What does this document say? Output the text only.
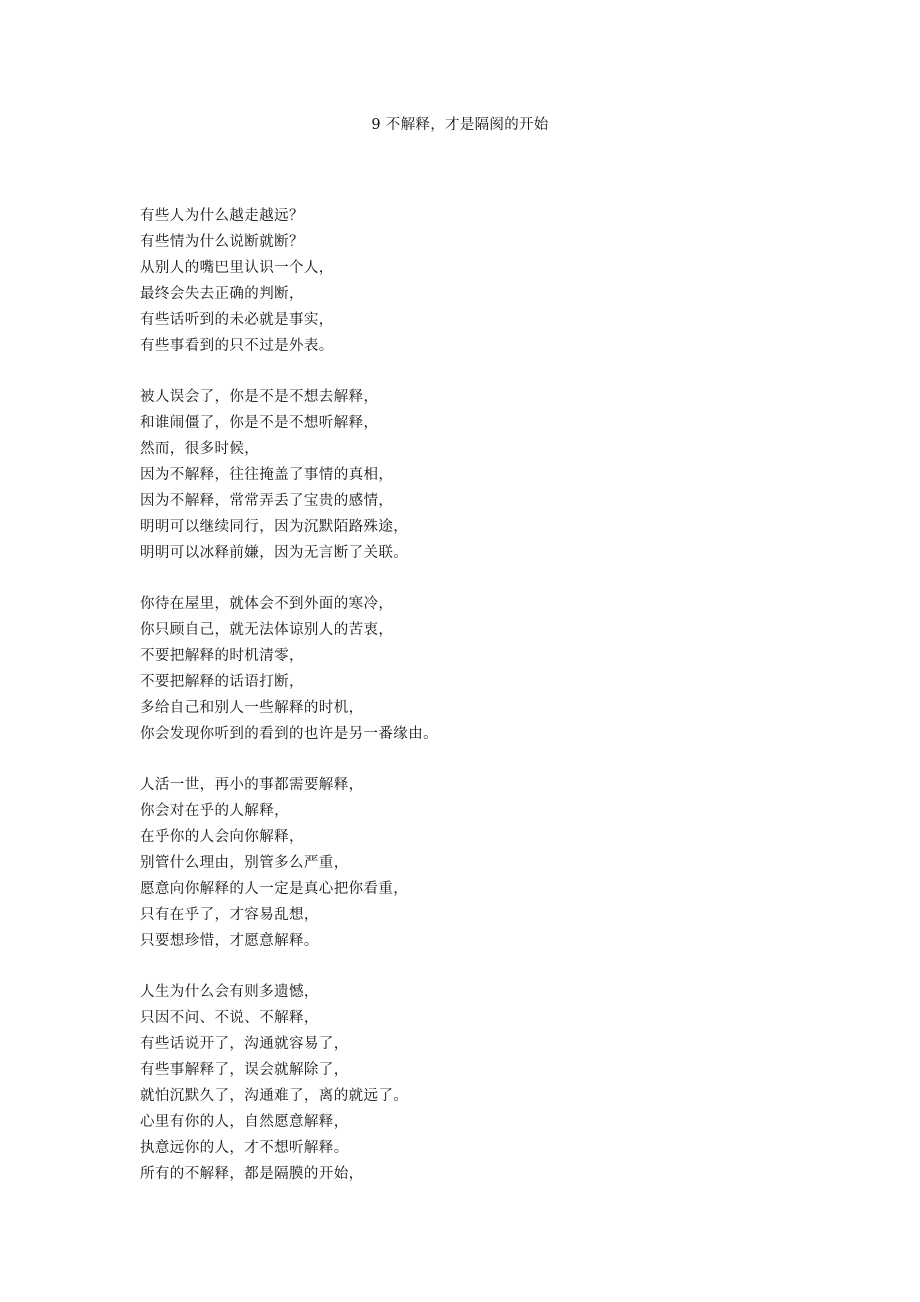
9 不解释，才是隔阂的开始
有些人为什么越走越远？
有些情为什么说断就断？
从别人的嘴巴里认识一个人，
最终会失去正确的判断，
有些话听到的未必就是事实，
有些事看到的只不过是外表。
被人误会了，你是不是不想去解释，
和谁闹僵了，你是不是不想听解释，
然而，很多时候，
因为不解释，往往掩盖了事情的真相，
因为不解释，常常弄丢了宝贵的感情，
明明可以继续同行，因为沉默陌路殊途，
明明可以冰释前嫌，因为无言断了关联。
你待在屋里，就体会不到外面的寒冷，
你只顾自己，就无法体谅别人的苦衷，
不要把解释的时机清零，
不要把解释的话语打断，
多给自己和别人一些解释的时机，
你会发现你听到的看到的也许是另一番缘由。
人活一世，再小的事都需要解释，
你会对在乎的人解释，
在乎你的人会向你解释，
别管什么理由，别管多么严重，
愿意向你解释的人一定是真心把你看重，
只有在乎了，才容易乱想，
只要想珍惜，才愿意解释。
人生为什么会有则多遗憾，
只因不问、不说、不解释，
有些话说开了，沟通就容易了，
有些事解释了，误会就解除了，
就怕沉默久了，沟通难了，离的就远了。
心里有你的人，自然愿意解释，
执意远你的人，才不想听解释。
所有的不解释，都是隔膜的开始，
